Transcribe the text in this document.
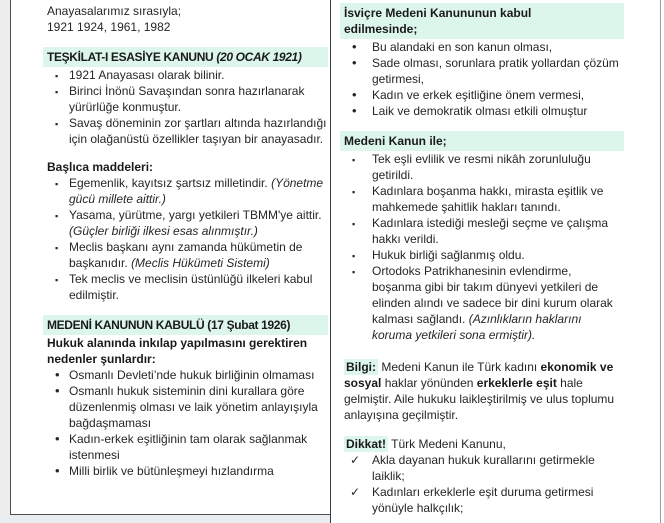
Anayasalarımız sırasıyla;
1921 1924, 1961, 1982
TEŞKİLAT-I ESASİYE KANUNU (20 OCAK 1921)
▪ 1921 Anayasası olarak bilinir.
▪ Birinci İnönü Savaşından sonra hazırlanarak yürürlüğe konmuştur.
▪ Savaş döneminin zor şartları altında hazırlandığı için olağanüstü özellikler taşıyan bir anayasadır.
Başlıca maddeleri:
▪ Egemenlik, kayıtsız şartsız milletindir. (Yönetme gücü millete aittir.)
▪ Yasama, yürütme, yargı yetkileri TBMM'ye aittir. (Güçler birliği ilkesi esas alınmıştır.)
▪ Meclis başkanı aynı zamanda hükümetin de başkanıdır. (Meclis Hükümeti Sistemi)
▪ Tek meclis ve meclisin üstünlüğü ilkeleri kabul edilmiştir.
MEDENİ KANUNUN KABULÜ (17 Şubat 1926)
Hukuk alanında inkılap yapılmasını gerektiren nedenler şunlardır:
• Osmanlı Devleti’nde hukuk birliğinin olmaması
• Osmanlı hukuk sisteminin dini kurallara göre düzenlenmiş olması ve laik yönetim anlayışıyla bağdaşmaması
• Kadın-erkek eşitliğinin tam olarak sağlanmak istenmesi
• Milli birlik ve bütünleşmeyi hızlandırma
İsviçre Medeni Kanununun kabul edilmesinde;
• Bu alandaki en son kanun olması,
• Sade olması, sorunlara pratik yollardan çözüm getirmesi,
• Kadın ve erkek eşitliğine önem vermesi,
• Laik ve demokratik olması etkili olmuştur
Medeni Kanun ile;
▪ Tek eşli evlilik ve resmi nikâh zorunluluğu getirildi.
▪ Kadınlara boşanma hakkı, mirasta eşitlik ve mahkemede şahitlik hakları tanındı.
▪ Kadınlara istediği mesleği seçme ve çalışma hakkı verildi.
▪ Hukuk birliği sağlanmış oldu.
▪ Ortodoks Patrikhanesinin evlendirme, boşanma gibi bir takım dünyevi yetkileri de elinden alındı ve sadece bir dini kurum olarak kalması sağlandı. (Azınlıkların haklarını koruma yetkileri sona ermiştir).
Bilgi: Medeni Kanun ile Türk kadını ekonomik ve sosyal haklar yönünden erkeklerle eşit hale gelmiştir. Aile hukuku laikleştirilmiş ve ulus toplumu anlayışına geçilmiştir.
Dikkat! Türk Medeni Kanunu,
✓ Akla dayanan hukuk kurallarını getirmekle laiklik;
✓ Kadınları erkeklerle eşit duruma getirmesi yönüyle halkçılık;
